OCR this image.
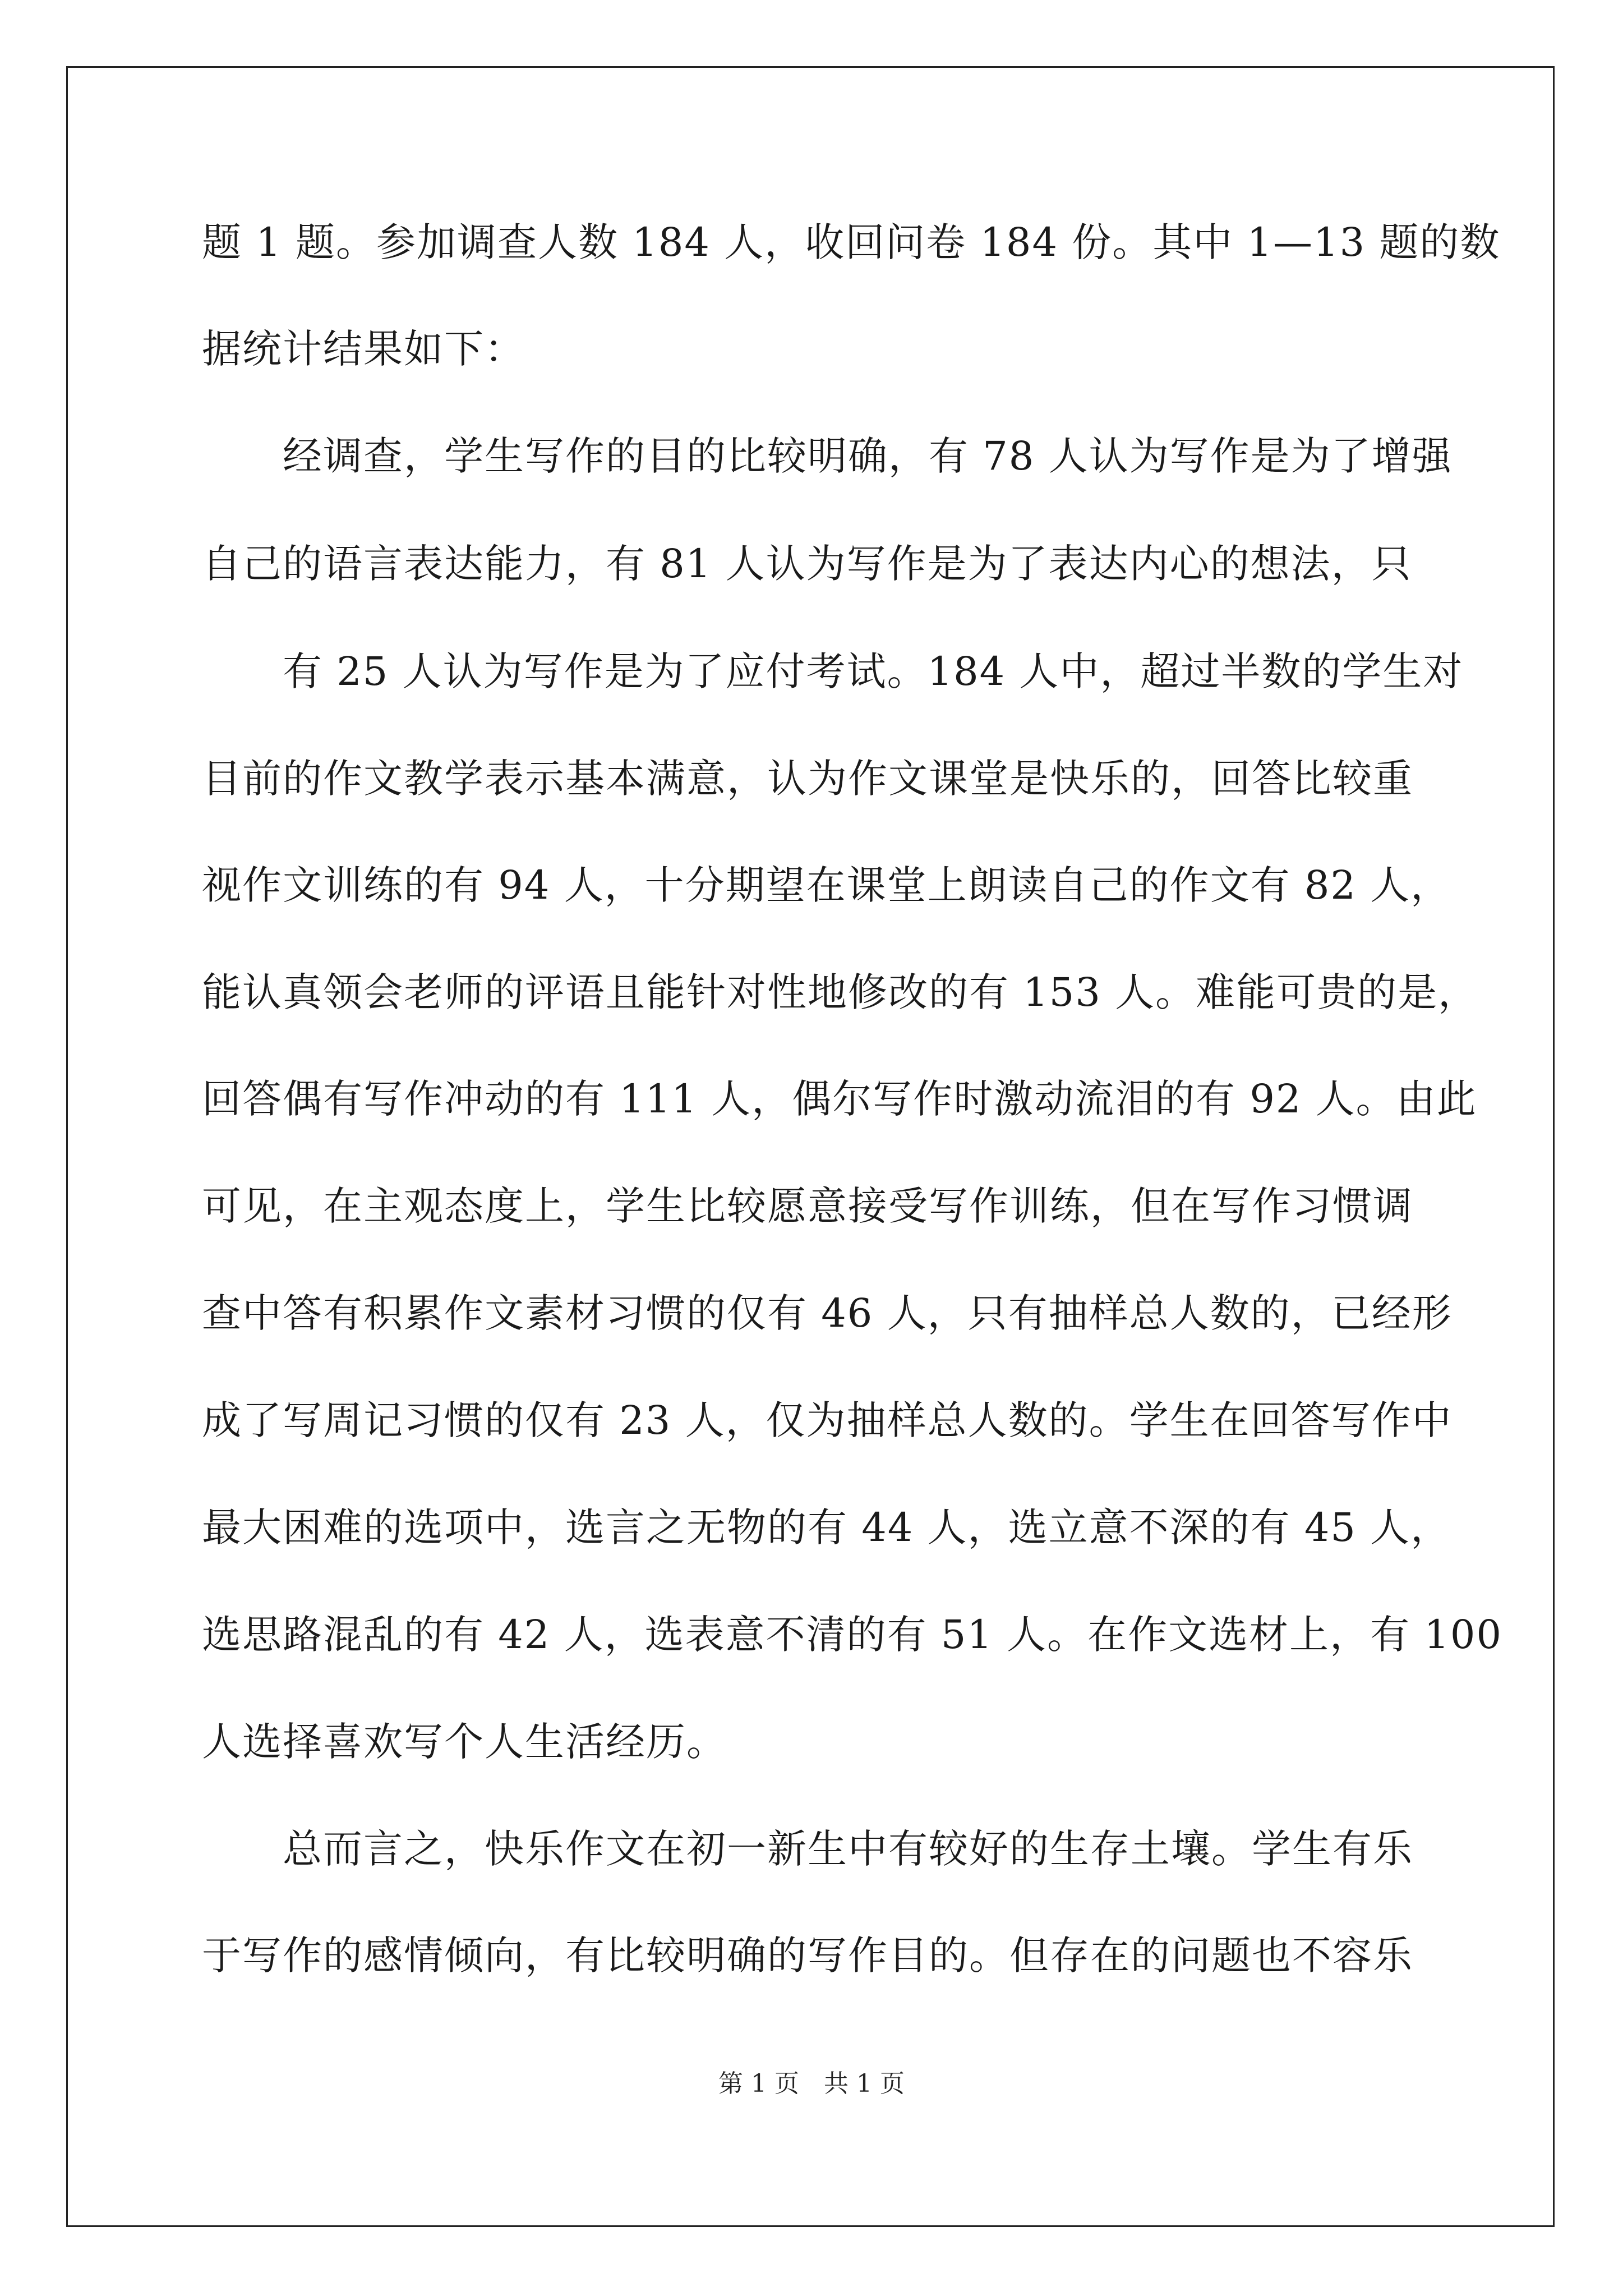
题 1 题。参加调查人数 184 人，收回问卷 184 份。其中 1—13 题的数
据统计结果如下：
　　经调查，学生写作的目的比较明确，有 78 人认为写作是为了增强
自己的语言表达能力，有 81 人认为写作是为了表达内心的想法，只
　　有 25 人认为写作是为了应付考试。184 人中，超过半数的学生对
目前的作文教学表示基本满意，认为作文课堂是快乐的，回答比较重
视作文训练的有 94 人，十分期望在课堂上朗读自己的作文有 82 人，
能认真领会老师的评语且能针对性地修改的有 153 人。难能可贵的是，
回答偶有写作冲动的有 111 人，偶尔写作时激动流泪的有 92 人。由此
可见，在主观态度上，学生比较愿意接受写作训练，但在写作习惯调
查中答有积累作文素材习惯的仅有 46 人，只有抽样总人数的，已经形
成了写周记习惯的仅有 23 人，仅为抽样总人数的。学生在回答写作中
最大困难的选项中，选言之无物的有 44 人，选立意不深的有 45 人，
选思路混乱的有 42 人，选表意不清的有 51 人。在作文选材上，有 100
人选择喜欢写个人生活经历。
　　总而言之，快乐作文在初一新生中有较好的生存土壤。学生有乐
于写作的感情倾向，有比较明确的写作目的。但存在的问题也不容乐
第 1 页　共 1 页
